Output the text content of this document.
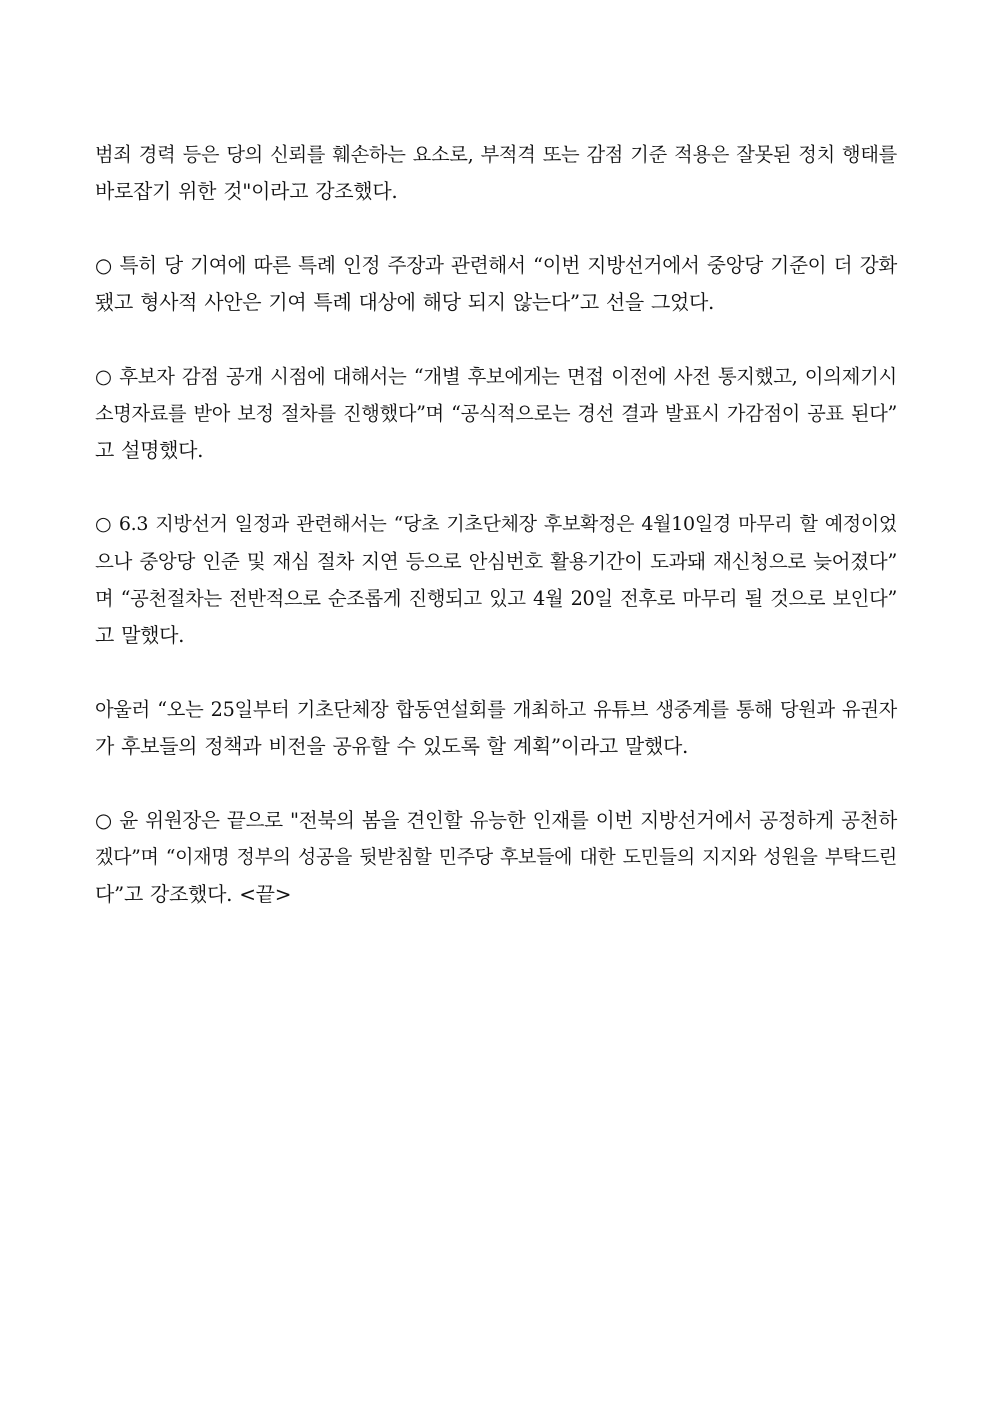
범죄 경력 등은 당의 신뢰를 훼손하는 요소로, 부적격 또는 감점 기준 적용은 잘못된 정치 행태를
바로잡기 위한 것"이라고 강조했다.

○ 특히 당 기여에 따른 특례 인정 주장과 관련해서 “이번 지방선거에서 중앙당 기준이 더 강화
됐고 형사적 사안은 기여 특례 대상에 해당 되지 않는다”고 선을 그었다.

○ 후보자 감점 공개 시점에 대해서는 “개별 후보에게는 면접 이전에 사전 통지했고, 이의제기시
소명자료를 받아 보정 절차를 진행했다”며 “공식적으로는 경선 결과 발표시 가감점이 공표 된다”
고 설명했다.

○ 6.3 지방선거 일정과 관련해서는 “당초 기초단체장 후보확정은 4월10일경 마무리 할 예정이었
으나 중앙당 인준 및 재심 절차 지연 등으로 안심번호 활용기간이 도과돼 재신청으로 늦어졌다”
며 “공천절차는 전반적으로 순조롭게 진행되고 있고 4월 20일 전후로 마무리 될 것으로 보인다”
고 말했다.

아울러 “오는 25일부터 기초단체장 합동연설회를 개최하고 유튜브 생중계를 통해 당원과 유권자
가 후보들의 정책과 비전을 공유할 수 있도록 할 계획”이라고 말했다.

○ 윤 위원장은 끝으로 "전북의 봄을 견인할 유능한 인재를 이번 지방선거에서 공정하게 공천하
겠다”며 “이재명 정부의 성공을 뒷받침할 민주당 후보들에 대한 도민들의 지지와 성원을 부탁드린
다”고 강조했다. <끝>
